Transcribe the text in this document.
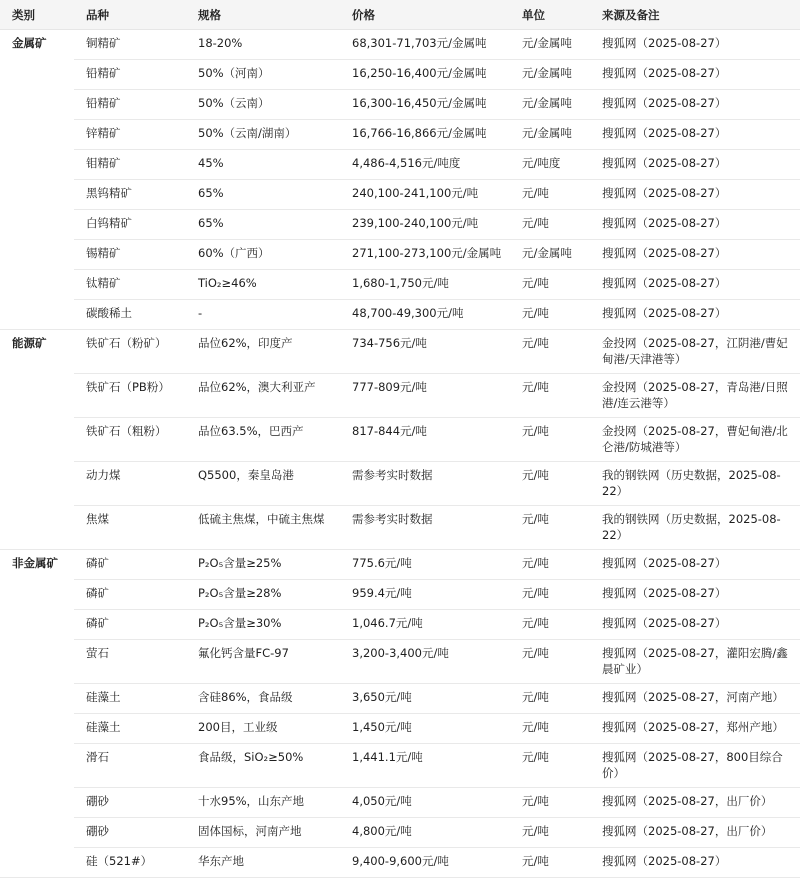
类别	品种	规格	价格	单位	来源及备注
金属矿	铜精矿	18-20%	68,301-71,703元/金属吨	元/金属吨	搜狐网（2025-08-27）
	铅精矿	50%（河南）	16,250-16,400元/金属吨	元/金属吨	搜狐网（2025-08-27）
	铅精矿	50%（云南）	16,300-16,450元/金属吨	元/金属吨	搜狐网（2025-08-27）
	锌精矿	50%（云南/湖南）	16,766-16,866元/金属吨	元/金属吨	搜狐网（2025-08-27）
	钼精矿	45%	4,486-4,516元/吨度	元/吨度	搜狐网（2025-08-27）
	黑钨精矿	65%	240,100-241,100元/吨	元/吨	搜狐网（2025-08-27）
	白钨精矿	65%	239,100-240,100元/吨	元/吨	搜狐网（2025-08-27）
	锡精矿	60%（广西）	271,100-273,100元/金属吨	元/金属吨	搜狐网（2025-08-27）
	钛精矿	TiO₂≥46%	1,680-1,750元/吨	元/吨	搜狐网（2025-08-27）
	碳酸稀土	-	48,700-49,300元/吨	元/吨	搜狐网（2025-08-27）
能源矿	铁矿石（粉矿）	品位62%，印度产	734-756元/吨	元/吨	金投网（2025-08-27，江阴港/曹妃甸港/天津港等）
	铁矿石（PB粉）	品位62%，澳大利亚产	777-809元/吨	元/吨	金投网（2025-08-27，青岛港/日照港/连云港等）
	铁矿石（粗粉）	品位63.5%，巴西产	817-844元/吨	元/吨	金投网（2025-08-27，曹妃甸港/北仑港/防城港等）
	动力煤	Q5500，秦皇岛港	需参考实时数据	元/吨	我的钢铁网（历史数据，2025-08-22）
	焦煤	低硫主焦煤，中硫主焦煤	需参考实时数据	元/吨	我的钢铁网（历史数据，2025-08-22）
非金属矿	磷矿	P₂O₅含量≥25%	775.6元/吨	元/吨	搜狐网（2025-08-27）
	磷矿	P₂O₅含量≥28%	959.4元/吨	元/吨	搜狐网（2025-08-27）
	磷矿	P₂O₅含量≥30%	1,046.7元/吨	元/吨	搜狐网（2025-08-27）
	萤石	氟化钙含量FC-97	3,200-3,400元/吨	元/吨	搜狐网（2025-08-27，灌阳宏腾/鑫晨矿业）
	硅藻土	含硅86%，食品级	3,650元/吨	元/吨	搜狐网（2025-08-27，河南产地）
	硅藻土	200目，工业级	1,450元/吨	元/吨	搜狐网（2025-08-27，郑州产地）
	滑石	食品级，SiO₂≥50%	1,441.1元/吨	元/吨	搜狐网（2025-08-27，800目综合价）
	硼砂	十水95%，山东产地	4,050元/吨	元/吨	搜狐网（2025-08-27，出厂价）
	硼砂	固体国标，河南产地	4,800元/吨	元/吨	搜狐网（2025-08-27，出厂价）
	硅（521#）	华东产地	9,400-9,600元/吨	元/吨	搜狐网（2025-08-27）
